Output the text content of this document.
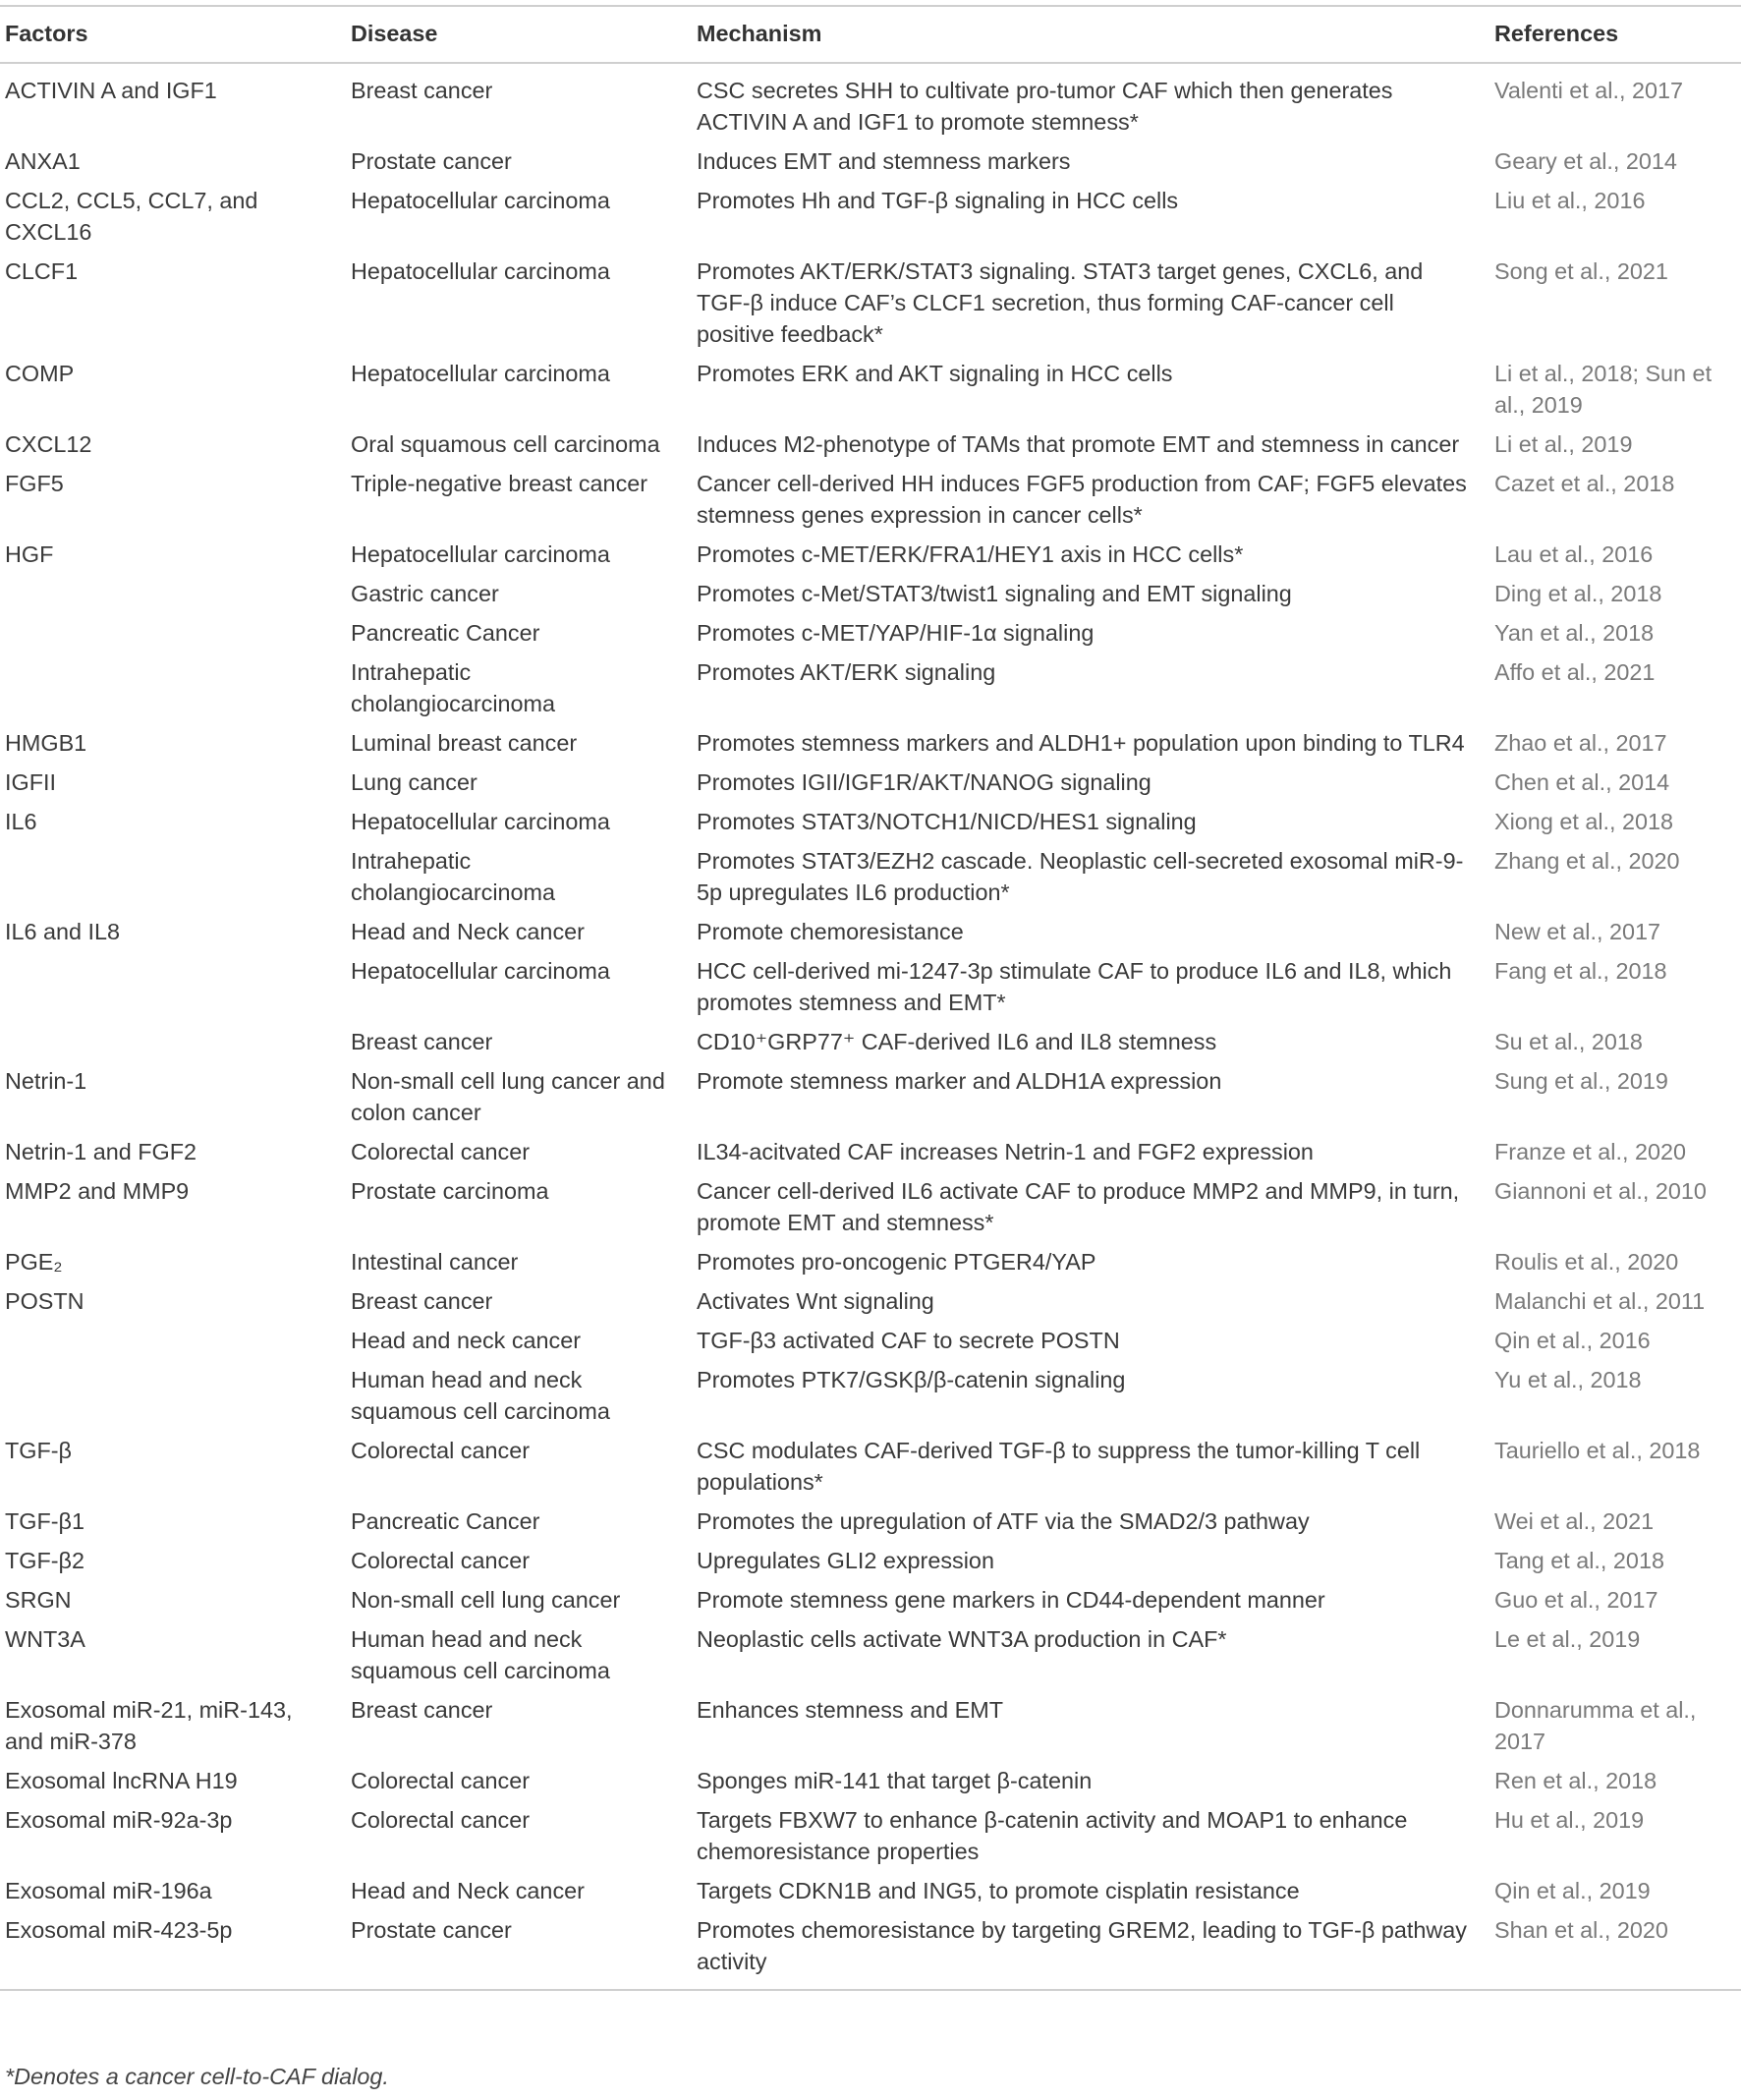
Factors	Disease	Mechanism	References
ACTIVIN A and IGF1	Breast cancer	CSC secretes SHH to cultivate pro-tumor CAF which then generates ACTIVIN A and IGF1 to promote stemness*	Valenti et al., 2017
ANXA1	Prostate cancer	Induces EMT and stemness markers	Geary et al., 2014
CCL2, CCL5, CCL7, and CXCL16	Hepatocellular carcinoma	Promotes Hh and TGF-β signaling in HCC cells	Liu et al., 2016
CLCF1	Hepatocellular carcinoma	Promotes AKT/ERK/STAT3 signaling. STAT3 target genes, CXCL6, and TGF-β induce CAF’s CLCF1 secretion, thus forming CAF-cancer cell positive feedback*	Song et al., 2021
COMP	Hepatocellular carcinoma	Promotes ERK and AKT signaling in HCC cells	Li et al., 2018; Sun et al., 2019
CXCL12	Oral squamous cell carcinoma	Induces M2-phenotype of TAMs that promote EMT and stemness in cancer	Li et al., 2019
FGF5	Triple-negative breast cancer	Cancer cell-derived HH induces FGF5 production from CAF; FGF5 elevates stemness genes expression in cancer cells*	Cazet et al., 2018
HGF	Hepatocellular carcinoma	Promotes c-MET/ERK/FRA1/HEY1 axis in HCC cells*	Lau et al., 2016
	Gastric cancer	Promotes c-Met/STAT3/twist1 signaling and EMT signaling	Ding et al., 2018
	Pancreatic Cancer	Promotes c-MET/YAP/HIF-1α signaling	Yan et al., 2018
	Intrahepatic cholangiocarcinoma	Promotes AKT/ERK signaling	Affo et al., 2021
HMGB1	Luminal breast cancer	Promotes stemness markers and ALDH1+ population upon binding to TLR4	Zhao et al., 2017
IGFII	Lung cancer	Promotes IGII/IGF1R/AKT/NANOG signaling	Chen et al., 2014
IL6	Hepatocellular carcinoma	Promotes STAT3/NOTCH1/NICD/HES1 signaling	Xiong et al., 2018
	Intrahepatic cholangiocarcinoma	Promotes STAT3/EZH2 cascade. Neoplastic cell-secreted exosomal miR-9-5p upregulates IL6 production*	Zhang et al., 2020
IL6 and IL8	Head and Neck cancer	Promote chemoresistance	New et al., 2017
	Hepatocellular carcinoma	HCC cell-derived mi-1247-3p stimulate CAF to produce IL6 and IL8, which promotes stemness and EMT*	Fang et al., 2018
	Breast cancer	CD10⁺GRP77⁺ CAF-derived IL6 and IL8 stemness	Su et al., 2018
Netrin-1	Non-small cell lung cancer and colon cancer	Promote stemness marker and ALDH1A expression	Sung et al., 2019
Netrin-1 and FGF2	Colorectal cancer	IL34-acitvated CAF increases Netrin-1 and FGF2 expression	Franze et al., 2020
MMP2 and MMP9	Prostate carcinoma	Cancer cell-derived IL6 activate CAF to produce MMP2 and MMP9, in turn, promote EMT and stemness*	Giannoni et al., 2010
PGE₂	Intestinal cancer	Promotes pro-oncogenic PTGER4/YAP	Roulis et al., 2020
POSTN	Breast cancer	Activates Wnt signaling	Malanchi et al., 2011
	Head and neck cancer	TGF-β3 activated CAF to secrete POSTN	Qin et al., 2016
	Human head and neck squamous cell carcinoma	Promotes PTK7/GSKβ/β-catenin signaling	Yu et al., 2018
TGF-β	Colorectal cancer	CSC modulates CAF-derived TGF-β to suppress the tumor-killing T cell populations*	Tauriello et al., 2018
TGF-β1	Pancreatic Cancer	Promotes the upregulation of ATF via the SMAD2/3 pathway	Wei et al., 2021
TGF-β2	Colorectal cancer	Upregulates GLI2 expression	Tang et al., 2018
SRGN	Non-small cell lung cancer	Promote stemness gene markers in CD44-dependent manner	Guo et al., 2017
WNT3A	Human head and neck squamous cell carcinoma	Neoplastic cells activate WNT3A production in CAF*	Le et al., 2019
Exosomal miR-21, miR-143, and miR-378	Breast cancer	Enhances stemness and EMT	Donnarumma et al., 2017
Exosomal lncRNA H19	Colorectal cancer	Sponges miR-141 that target β-catenin	Ren et al., 2018
Exosomal miR-92a-3p	Colorectal cancer	Targets FBXW7 to enhance β-catenin activity and MOAP1 to enhance chemoresistance properties	Hu et al., 2019
Exosomal miR-196a	Head and Neck cancer	Targets CDKN1B and ING5, to promote cisplatin resistance	Qin et al., 2019
Exosomal miR-423-5p	Prostate cancer	Promotes chemoresistance by targeting GREM2, leading to TGF-β pathway activity	Shan et al., 2020
*Denotes a cancer cell-to-CAF dialog.
